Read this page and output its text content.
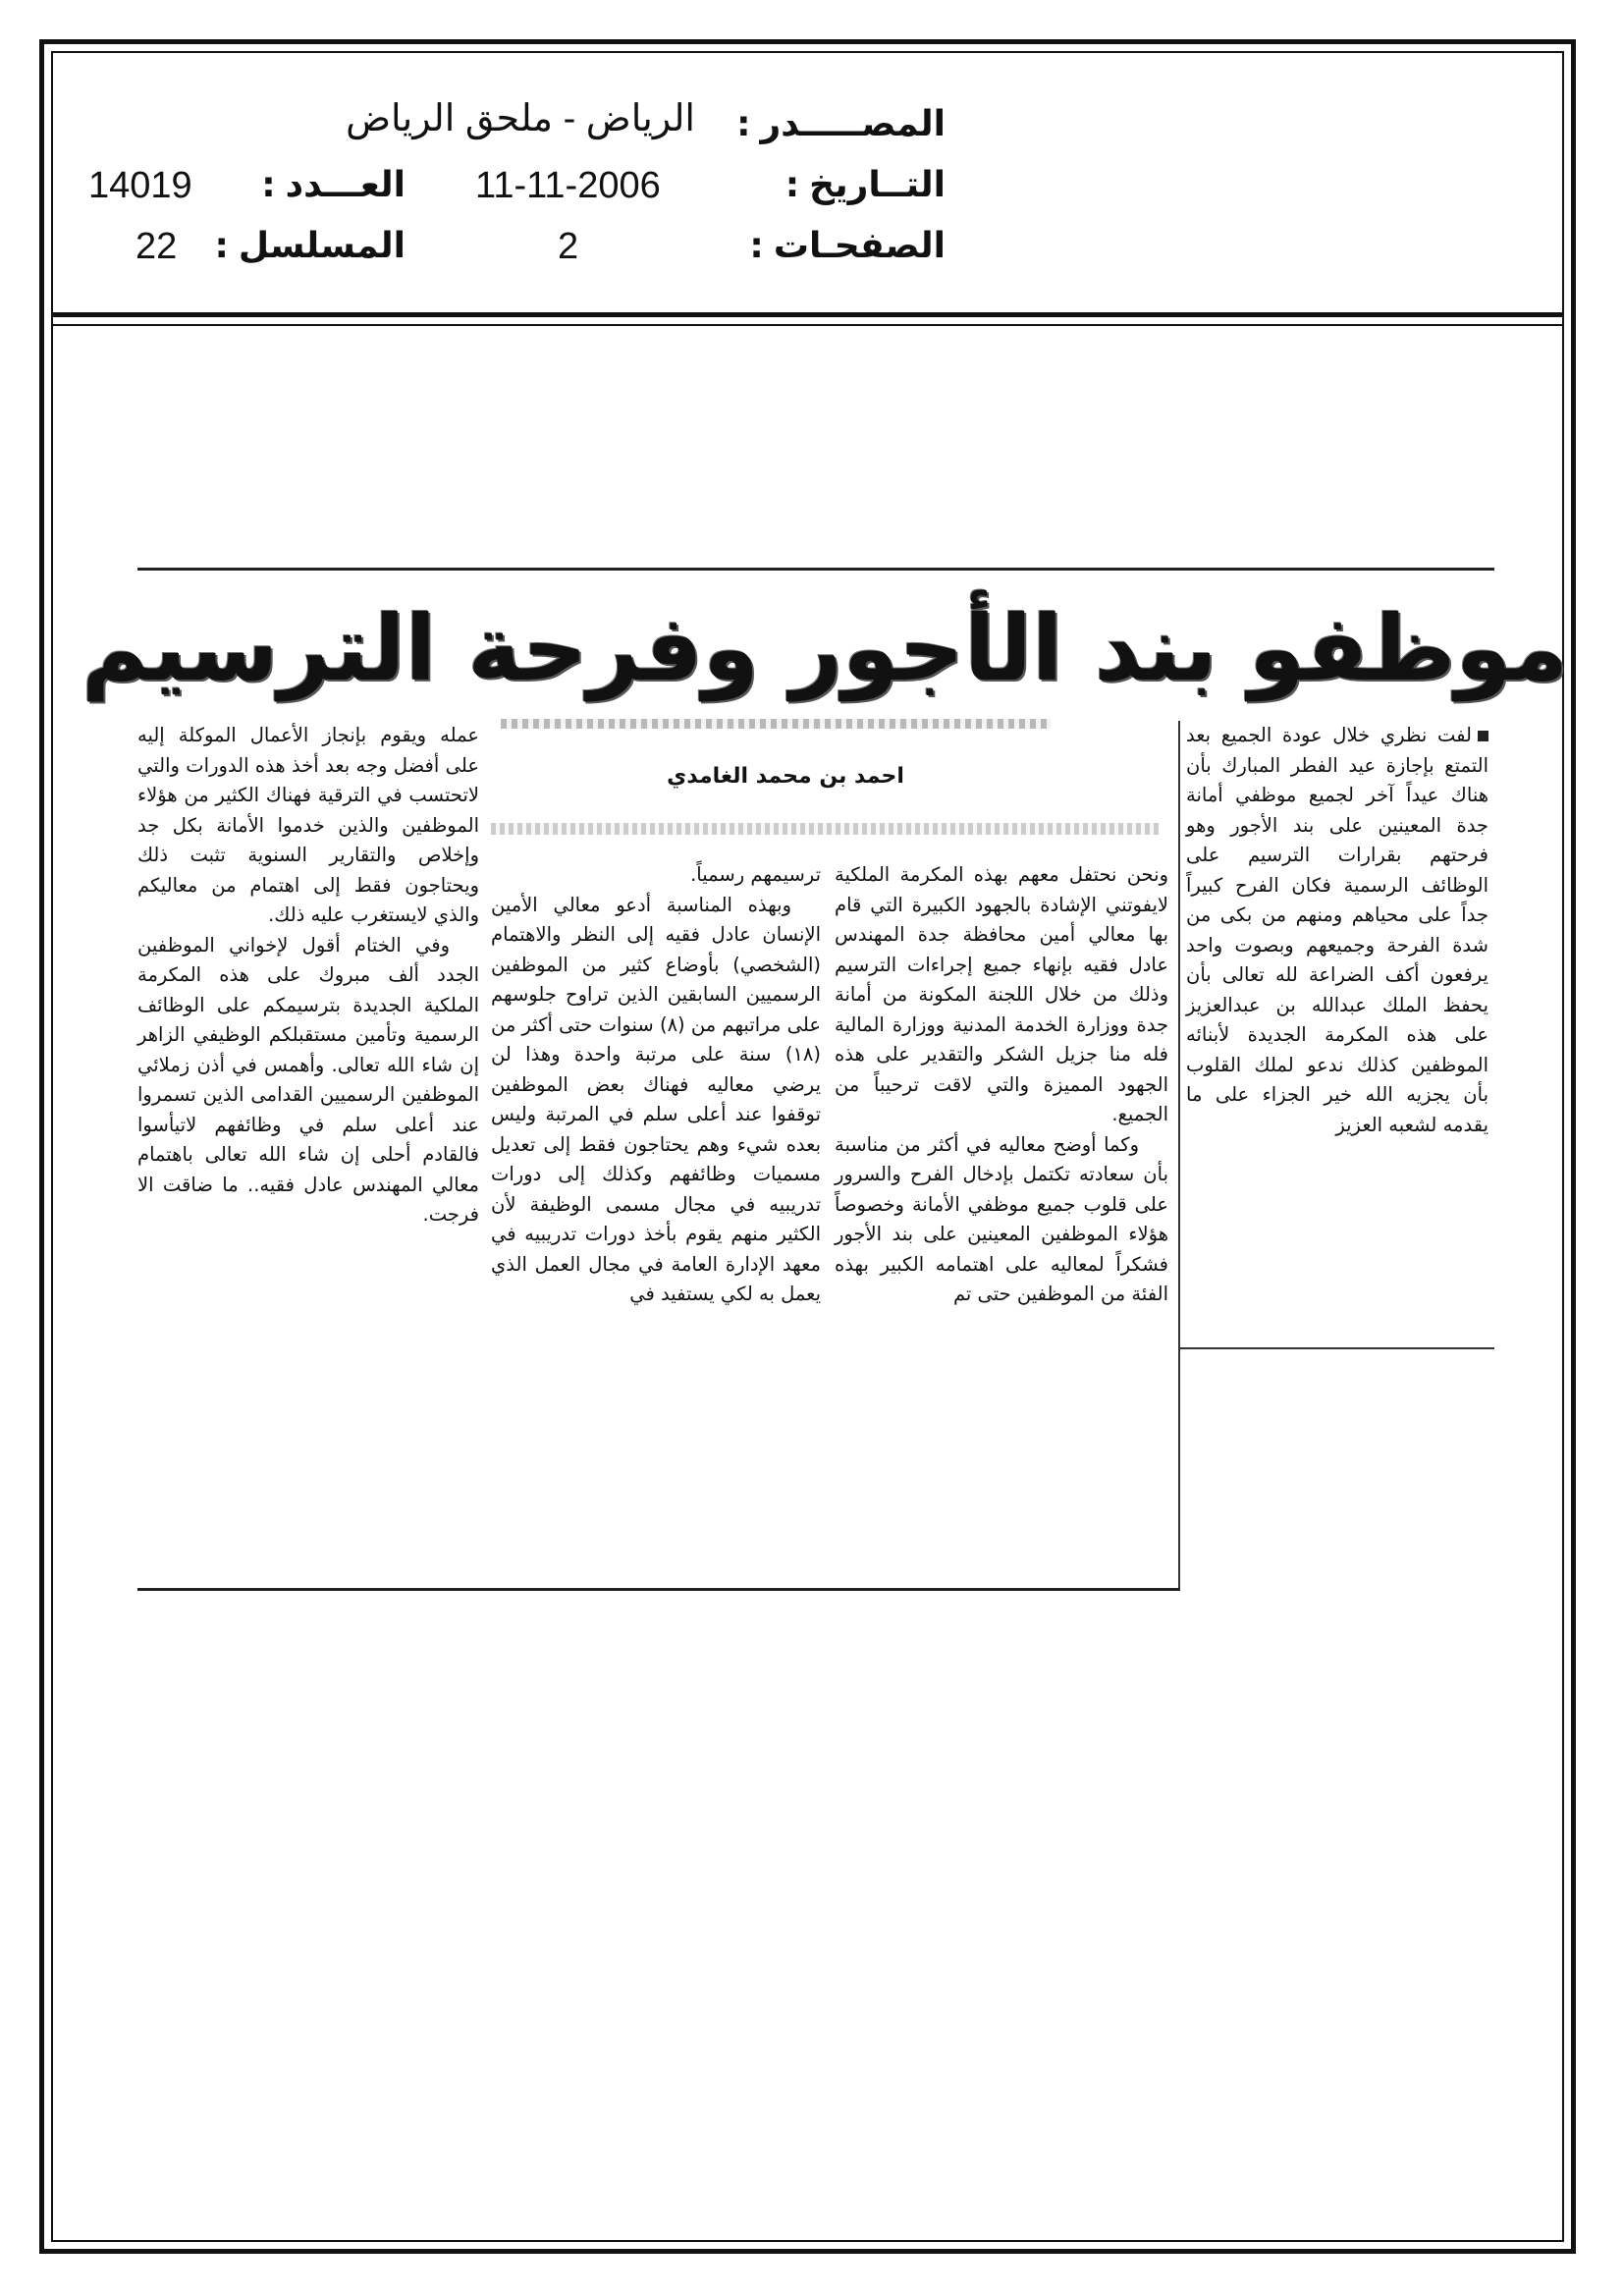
المصـــــدر:
الرياض - ملحق الرياض
التــاريخ:
11-11-2006
العـــدد:
14019
الصفحـات:
2
المسلسل:
22
موظفو بند الأجور وفرحة الترسيم
احمد بن محمد الغامدي

لفت نظري خلال عودة الجميع بعد التمتع بإجازة عيد الفطر المبارك بأن هناك عيداً آخر لجميع موظفي أمانة جدة المعينين على بند الأجور وهو فرحتهم بقرارات الترسيم على الوظائف الرسمية فكان الفرح كبيراً جداً على محياهم ومنهم من بكى من شدة الفرحة وجميعهم وبصوت واحد يرفعون أكف الضراعة لله تعالى بأن يحفظ الملك عبدالله بن عبدالعزيز على هذه المكرمة الجديدة لأبنائه الموظفين كذلك ندعو لملك القلوب بأن يجزيه الله خير الجزاء على ما يقدمه لشعبه العزيز

ونحن نحتفل معهم بهذه المكرمة الملكية لايفوتني الإشادة بالجهود الكبيرة التي قام بها معالي أمين محافظة جدة المهندس عادل فقيه بإنهاء جميع إجراءات الترسيم وذلك من خلال اللجنة المكونة من أمانة جدة ووزارة الخدمة المدنية ووزارة المالية فله منا جزيل الشكر والتقدير على هذه الجهود المميزة والتي لاقت ترحيباً من الجميع.

وكما أوضح معاليه في أكثر من مناسبة بأن سعادته تكتمل بإدخال الفرح والسرور على قلوب جميع موظفي الأمانة وخصوصاً هؤلاء الموظفين المعينين على بند الأجور فشكراً لمعاليه على اهتمامه الكبير بهذه الفئة من الموظفين حتى تم

ترسيمهم رسمياً.

وبهذه المناسبة أدعو معالي الأمين الإنسان عادل فقيه إلى النظر والاهتمام (الشخصي) بأوضاع كثير من الموظفين الرسميين السابقين الذين تراوح جلوسهم على مراتبهم من (٨) سنوات حتى أكثر من (١٨) سنة على مرتبة واحدة وهذا لن يرضي معاليه فهناك بعض الموظفين توقفوا عند أعلى سلم في المرتبة وليس بعده شيء وهم يحتاجون فقط إلى تعديل مسميات وظائفهم وكذلك إلى دورات تدريبيه في مجال مسمى الوظيفة لأن الكثير منهم يقوم بأخذ دورات تدريبيه في معهد الإدارة العامة في مجال العمل الذي يعمل به لكي يستفيد في

عمله ويقوم بإنجاز الأعمال الموكلة إليه على أفضل وجه بعد أخذ هذه الدورات والتي لاتحتسب في الترقية فهناك الكثير من هؤلاء الموظفين والذين خدموا الأمانة بكل جد وإخلاص والتقارير السنوية تثبت ذلك ويحتاجون فقط إلى اهتمام من معاليكم والذي لايستغرب عليه ذلك.

وفي الختام أقول لإخواني الموظفين الجدد ألف مبروك على هذه المكرمة الملكية الجديدة بترسيمكم على الوظائف الرسمية وتأمين مستقبلكم الوظيفي الزاهر إن شاء الله تعالى. وأهمس في أذن زملائي الموظفين الرسميين القدامى الذين تسمروا عند أعلى سلم في وظائفهم لاتيأسوا فالقادم أحلى إن شاء الله تعالى باهتمام معالي المهندس عادل فقيه.. ما ضاقت الا فرجت.
